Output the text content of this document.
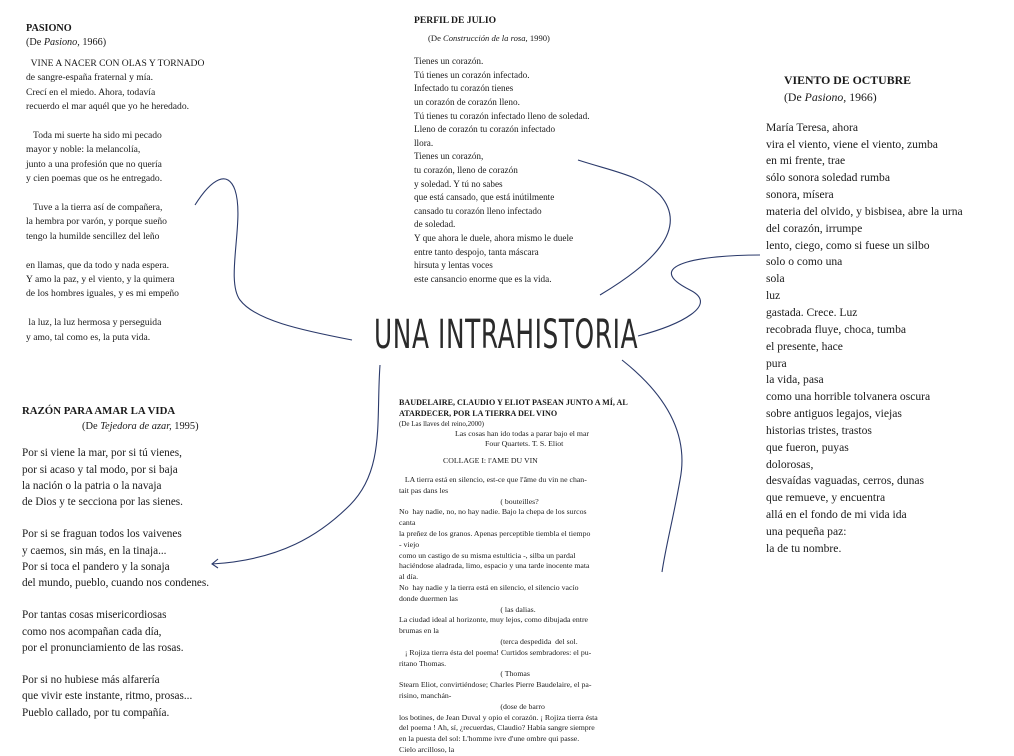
UNA INTRAHISTORIA
PASIONO
(De Pasiono, 1966)
VINE A NACER CON OLAS Y TORNADO
de sangre-españa fraternal y mía.
Crecí en el miedo. Ahora, todavía
recuerdo el mar aquél que yo he heredado.

Toda mi suerte ha sido mi pecado
mayor y noble: la melancolía,
junto a una profesión que no quería
y cien poemas que os he entregado.

Tuve a la tierra así de compañera,
la hembra por varón, y porque sueño
tengo la humilde sencillez del leño

en llamas, que da todo y nada espera.
Y amo la paz, y el viento, y la quimera
de los hombres iguales, y es mi empeño

la luz, la luz hermosa y perseguida
y amo, tal como es, la puta vida.
PERFIL DE JULIO
(De Construcción de la rosa, 1990)
Tienes un corazón.
Tú tienes un corazón infectado.
Infectado tu corazón tienes
un corazón de corazón lleno.
Tú tienes tu corazón infectado lleno de soledad.
Lleno de corazón tu corazón infectado
llora.
Tienes un corazón,
tu corazón, lleno de corazón
y soledad. Y tú no sabes
que está cansado, que está inútilmente
cansado tu corazón lleno infectado
de soledad.
Y que ahora le duele, ahora mismo le duele
entre tanto despojo, tanta máscara
hirsuta y lentas voces
este cansancio enorme que es la vida.
VIENTO DE OCTUBRE
(De Pasiono, 1966)
María Teresa, ahora
vira el viento, viene el viento, zumba
en mi frente, trae
sólo sonora soledad rumba
sonora, mísera
materia del olvido, y bisbisea, abre la urna
del corazón, irrumpe
lento, ciego, como si fuese un silbo
solo o como una
sola
luz
gastada. Crece. Luz
recobrada fluye, choca, tumba
el presente, hace
pura
la vida, pasa
como una horrible tolvanera oscura
sobre antiguos legajos, viejas
historias tristes, trastos
que fueron, puyas
dolorosas,
desvaídas vaguadas, cerros, dunas
que remueve, y encuentra
allá en el fondo de mi vida ida
una pequeña paz:
la de tu nombre.
RAZÓN PARA AMAR LA VIDA
(De Tejedora de azar, 1995)
Por si viene la mar, por si tú vienes,
por si acaso y tal modo, por si baja
la nación o la patria o la navaja
de Dios y te secciona por las sienes.

Por si se fraguan todos los vaivenes
y caemos, sin más, en la tinaja...
Por si toca el pandero y la sonaja
del mundo, pueblo, cuando nos condenes.

Por tantas cosas misericordiosas
como nos acompañan cada día,
por el pronunciamiento de las rosas.

Por si no hubiese más alfarería
que vivir este instante, ritmo, prosas...
Pueblo callado, por tu compañía.
BAUDELAIRE, CLAUDIO Y ELIOT PASEAN JUNTO A MÍ, AL
ATARDECER, POR LA TIERRA DEL VINO
(De Las llaves del reino,2000)
Las cosas han ido todas a parar bajo el mar
Four Quartets. T. S. Eliot
COLLAGE I: l'AME DU VIN
LA tierra está en silencio, est-ce que l'âme du vin ne chan-
tait pas dans les
( bouteilles?
No  hay nadie, no, no hay nadie. Bajo la chepa de los surcos
canta
la preñez de los granos. Apenas perceptible tiembla el tiempo
- viejo
como un castigo de su misma estulticia -, silba un pardal
haciéndose aladrada, limo, espacio y una tarde inocente mata
al día.
No  hay nadie y la tierra está en silencio, el silencio vacío
donde duermen las
( las dalias.
La ciudad ideal al horizonte, muy lejos, como dibujada entre
brumas en la
(terca despedida  del sol.
¡ Rojiza tierra ésta del poema! Curtidos sembradores: el pu-
ritano Thomas.
( Thomas
Stearn Eliot, convirtiéndose; Charles Pierre Baudelaire, el pa-
risino, manchán-
(dose de barro
los botines, de Jean Duval y opio el corazón. ¡ Rojiza tierra ésta
del poema ! Ah, sí, ¿recuerdas, Claudio? Había sangre siempre
en la puesta del sol: L'homme ivre d'une ombre qui passe.
Cielo arcilloso, la
